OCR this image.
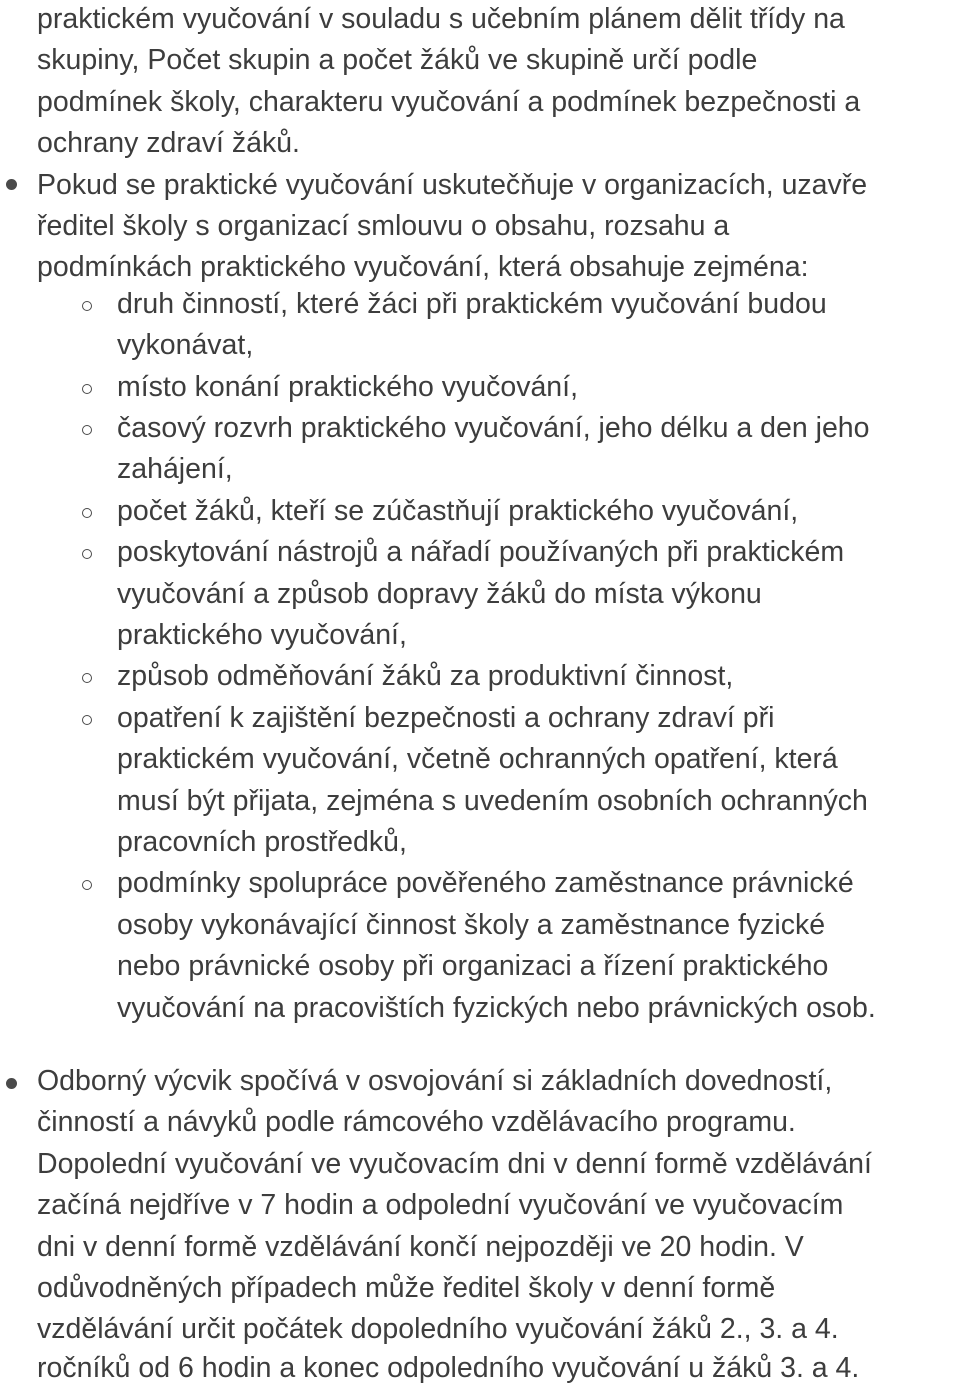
praktickém vyučování v souladu s učebním plánem dělit třídy na
skupiny, Počet skupin a počet žáků ve skupině určí podle
podmínek školy, charakteru vyučování a podmínek bezpečnosti a
ochrany zdraví žáků.
Pokud se praktické vyučování uskutečňuje v organizacích, uzavře
ředitel školy s organizací smlouvu o obsahu, rozsahu a
podmínkách praktického vyučování, která obsahuje zejména:
druh činností, které žáci při praktickém vyučování budou
vykonávat,
místo konání praktického vyučování,
časový rozvrh praktického vyučování, jeho délku a den jeho
zahájení,
počet žáků, kteří se zúčastňují praktického vyučování,
poskytování nástrojů a nářadí používaných při praktickém
vyučování a způsob dopravy žáků do místa výkonu
praktického vyučování,
způsob odměňování žáků za produktivní činnost,
opatření k zajištění bezpečnosti a ochrany zdraví při
praktickém vyučování, včetně ochranných opatření, která
musí být přijata, zejména s uvedením osobních ochranných
pracovních prostředků,
podmínky spolupráce pověřeného zaměstnance právnické
osoby vykonávající činnost školy a zaměstnance fyzické
nebo právnické osoby při organizaci a řízení praktického
vyučování na pracovištích fyzických nebo právnických osob.
Odborný výcvik spočívá v osvojování si základních dovedností,
činností a návyků podle rámcového vzdělávacího programu.
Dopolední vyučování ve vyučovacím dni v denní formě vzdělávání
začíná nejdříve v 7 hodin a odpolední vyučování ve vyučovacím
dni v denní formě vzdělávání končí nejpozději ve 20 hodin. V
odůvodněných případech může ředitel školy v denní formě
vzdělávání určit počátek dopoledního vyučování žáků 2., 3. a 4.
ročníků od 6 hodin a konec odpoledního vyučování u žáků 3. a 4.
